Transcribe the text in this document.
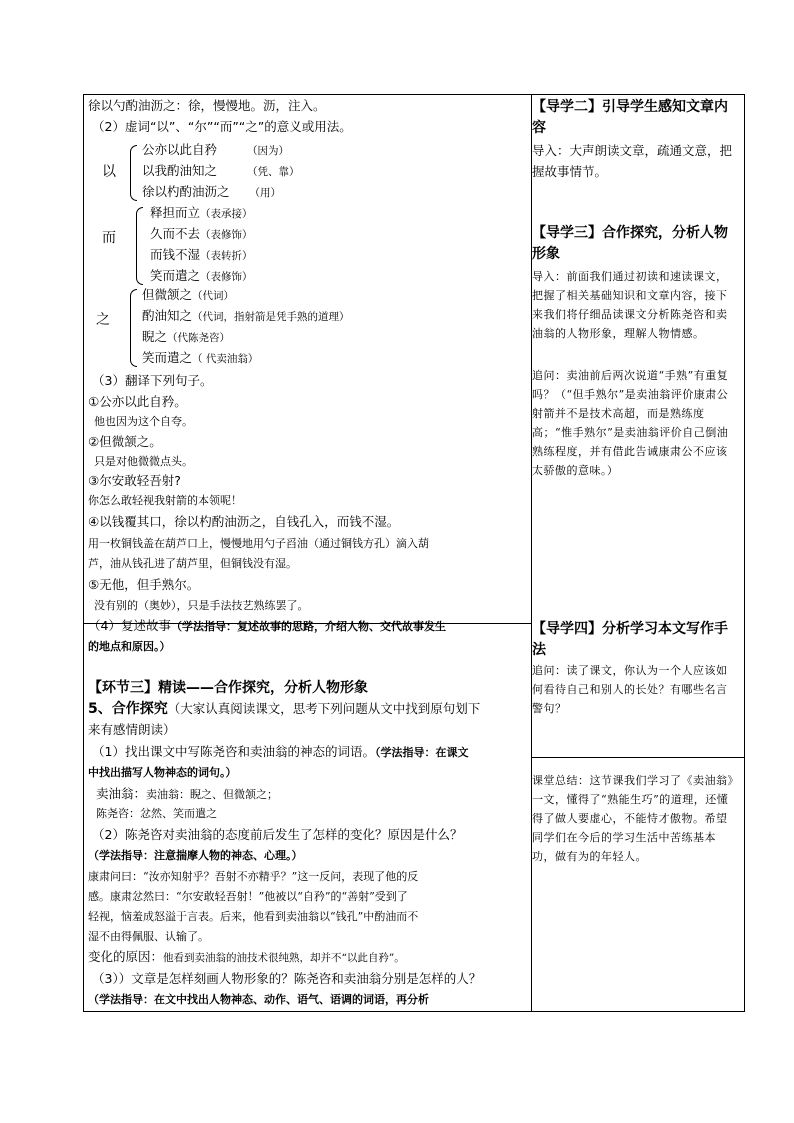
徐以勺酌油沥之：徐，慢慢地。沥，注入。
（2）虚词“以”、“尔”“而”“之”的意义或用法。
以
公亦以此自矜	（因为）
以我酌油知之	（凭、靠）
徐以杓酌油沥之 （用）
而
释担而立（表承接）
久而不去（表修饰）
而钱不湿（表转折）
笑而遣之（表修饰）
之
但微颔之（代词）
酌油知之（代词，指射箭是凭手熟的道理）
睨之（代陈尧咨）
笑而遣之（ 代卖油翁）
（3）翻译下列句子。
①公亦以此自矜。
他也因为这个自夸。
②但微颔之。
只是对他微微点头。
③尔安敢轻吾射?
你怎么敢轻视我射箭的本领呢！
④以钱覆其口，徐以杓酌油沥之，自钱孔入，而钱不湿。
用一枚铜钱盖在葫芦口上，慢慢地用勺子舀油（通过铜钱方孔）滴入葫
芦，油从钱孔进了葫芦里，但铜钱没有湿。
⑤无他，但手熟尔。
没有别的（奥妙），只是手法技艺熟练罢了。
（4）复述故事（学法指导：复述故事的思路，介绍人物、交代故事发生
的地点和原因。）
【环节三】精读——合作探究，分析人物形象
5、合作探究（大家认真阅读课文，思考下列问题从文中找到原句划下
来有感情朗读）
（1）找出课文中写陈尧咨和卖油翁的神态的词语。（学法指导：在课文
中找出描写人物神态的词句。）
卖油翁：卖油翁：睨之、但微颔之；
陈尧咨：忿然、笑而遣之
（2）陈尧咨对卖油翁的态度前后发生了怎样的变化？原因是什么？
（学法指导：注意揣摩人物的神态、心理。）
康肃问曰：“汝亦知射乎？吾射不亦精乎？”这一反问，表现了他的反
感。康肃忿然曰：“尔安敢轻吾射！”他被以“自矜”的“善射”受到了
轻视，恼羞成怒溢于言表。后来，他看到卖油翁以“钱孔”中酌油而不
湿不由得佩服、认输了。
变化的原因：他看到卖油翁的油技术很纯熟，却并不“以此自矜”。
（3））文章是怎样刻画人物形象的？陈尧咨和卖油翁分别是怎样的人？
（学法指导：在文中找出人物神态、动作、语气、语调的词语，再分析
【导学二】引导学生感知文章内容
导入：大声朗读文章，疏通文意，把握故事情节。
【导学三】合作探究，分析人物形象
导入：前面我们通过初读和速读课文，把握了相关基础知识和文章内容，接下来我们将仔细品读课文分析陈尧咨和卖油翁的人物形象，理解人物情感。
追问：卖油前后两次说道“手熟”有重复吗？（“但手熟尔”是卖油翁评价康肃公射箭并不是技术高超，而是熟练度高；“惟手熟尔”是卖油翁评价自己倒油熟练程度，并有借此告诫康肃公不应该太骄傲的意味。）
【导学四】分析学习本文写作手法
追问：读了课文，你认为一个人应该如何看待自己和别人的长处？有哪些名言警句？
课堂总结：这节课我们学习了《卖油翁》一文，懂得了“熟能生巧”的道理，还懂得了做人要虚心，不能恃才傲物。希望同学们在今后的学习生活中苦练基本功，做有为的年轻人。
